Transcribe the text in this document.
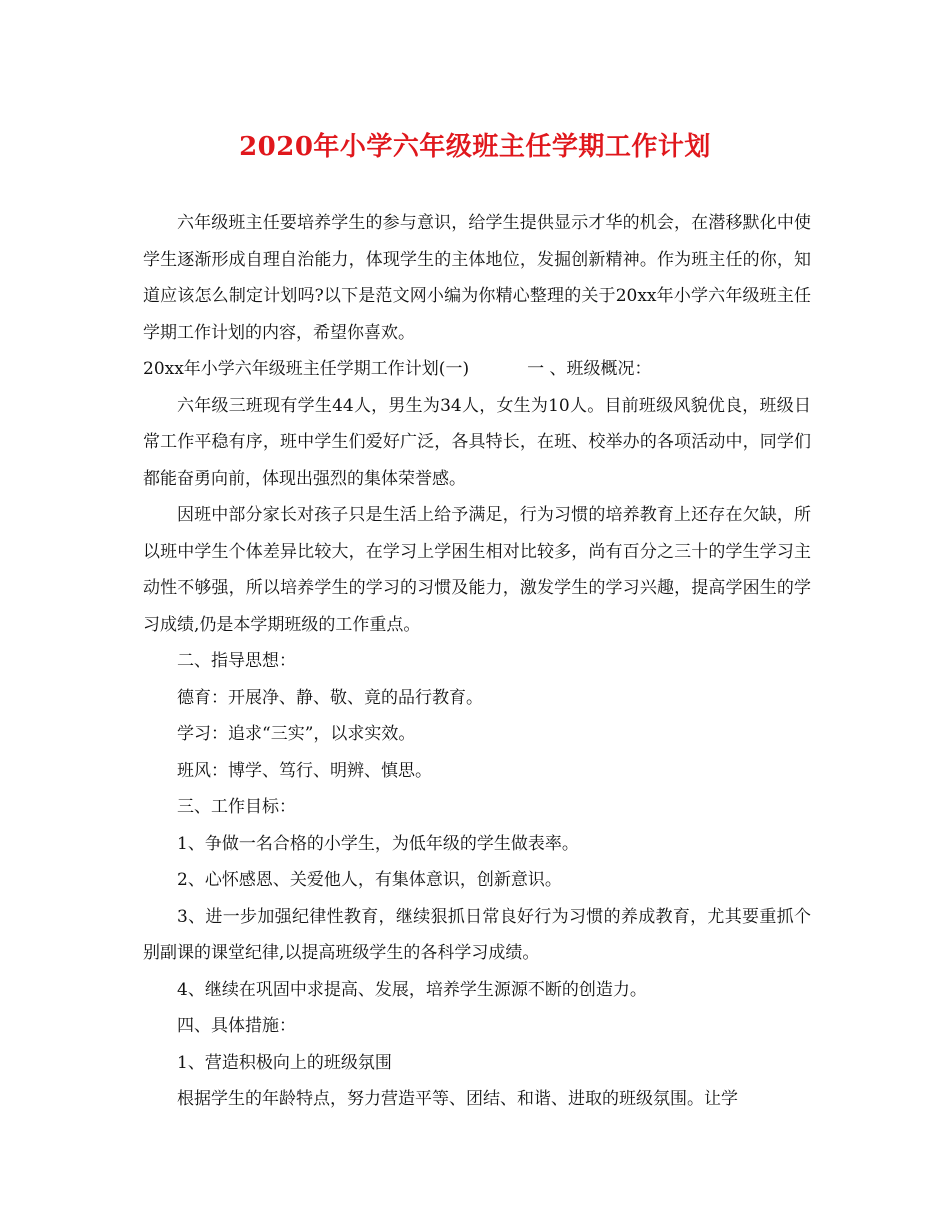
2020年小学六年级班主任学期工作计划

六年级班主任要培养学生的参与意识，给学生提供显示才华的机会，在潜移默化中使学生逐渐形成自理自治能力，体现学生的主体地位，发掘创新精神。作为班主任的你，知道应该怎么制定计划吗?以下是范文网小编为你精心整理的关于20xx年小学六年级班主任学期工作计划的内容，希望你喜欢。

20xx年小学六年级班主任学期工作计划(一)	一 、班级概况：

六年级三班现有学生44人，男生为34人，女生为10人。目前班级风貌优良，班级日常工作平稳有序，班中学生们爱好广泛，各具特长，在班、校举办的各项活动中，同学们都能奋勇向前，体现出强烈的集体荣誉感。

因班中部分家长对孩子只是生活上给予满足，行为习惯的培养教育上还存在欠缺，所以班中学生个体差异比较大，在学习上学困生相对比较多，尚有百分之三十的学生学习主动性不够强，所以培养学生的学习的习惯及能力，激发学生的学习兴趣，提高学困生的学习成绩,仍是本学期班级的工作重点。

二、指导思想：

德育：开展净、静、敬、竟的品行教育。

学习：追求“三实”，以求实效。

班风：博学、笃行、明辨、慎思。

三、工作目标：

1、争做一名合格的小学生，为低年级的学生做表率。

2、心怀感恩、关爱他人，有集体意识，创新意识。

3、进一步加强纪律性教育，继续狠抓日常良好行为习惯的养成教育，尤其要重抓个别副课的课堂纪律,以提高班级学生的各科学习成绩。

4、继续在巩固中求提高、发展，培养学生源源不断的创造力。

四、具体措施：

1、营造积极向上的班级氛围

根据学生的年龄特点，努力营造平等、团结、和谐、进取的班级氛围。让学
